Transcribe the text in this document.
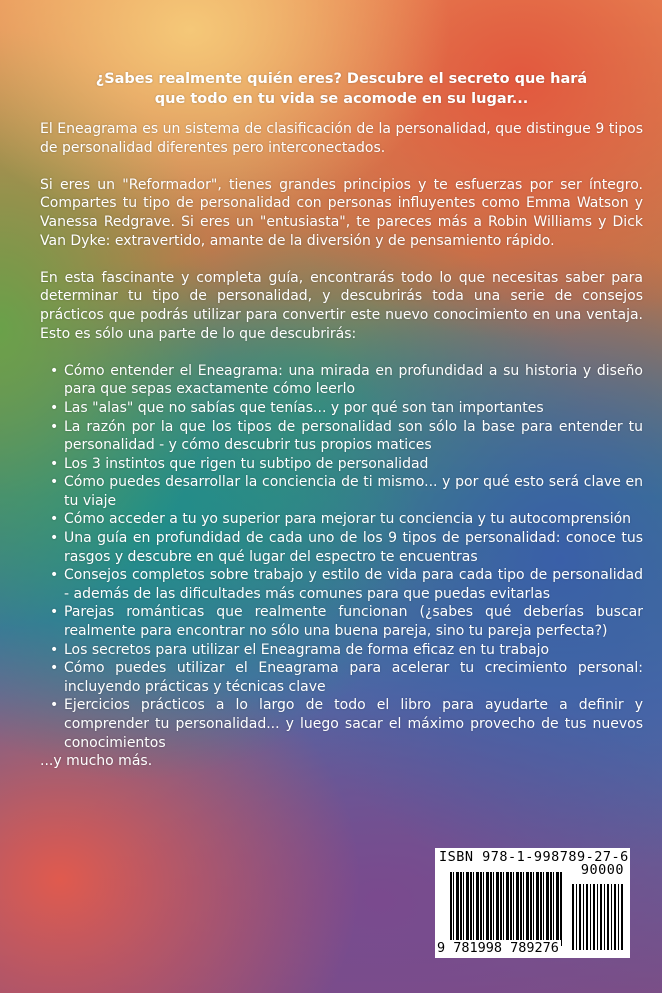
¿Sabes realmente quién eres? Descubre el secreto que hará
que todo en tu vida se acomode en su lugar...

El Eneagrama es un sistema de clasificación de la personalidad, que distingue 9 tipos de personalidad diferentes pero interconectados.

Si eres un "Reformador", tienes grandes principios y te esfuerzas por ser íntegro. Compartes tu tipo de personalidad con personas influyentes como Emma Watson y Vanessa Redgrave. Si eres un "entusiasta", te pareces más a Robin Williams y Dick Van Dyke: extravertido, amante de la diversión y de pensamiento rápido.

En esta fascinante y completa guía, encontrarás todo lo que necesitas saber para determinar tu tipo de personalidad, y descubrirás toda una serie de consejos prácticos que podrás utilizar para convertir este nuevo conocimiento en una ventaja. Esto es sólo una parte de lo que descubrirás:

• Cómo entender el Eneagrama: una mirada en profundidad a su historia y diseño para que sepas exactamente cómo leerlo
• Las "alas" que no sabías que tenías... y por qué son tan importantes
• La razón por la que los tipos de personalidad son sólo la base para entender tu personalidad - y cómo descubrir tus propios matices
• Los 3 instintos que rigen tu subtipo de personalidad
• Cómo puedes desarrollar la conciencia de ti mismo... y por qué esto será clave en tu viaje
• Cómo acceder a tu yo superior para mejorar tu conciencia y tu autocomprensión
• Una guía en profundidad de cada uno de los 9 tipos de personalidad: conoce tus rasgos y descubre en qué lugar del espectro te encuentras
• Consejos completos sobre trabajo y estilo de vida para cada tipo de personalidad - además de las dificultades más comunes para que puedas evitarlas
• Parejas románticas que realmente funcionan (¿sabes qué deberías buscar realmente para encontrar no sólo una buena pareja, sino tu pareja perfecta?)
• Los secretos para utilizar el Eneagrama de forma eficaz en tu trabajo
• Cómo puedes utilizar el Eneagrama para acelerar tu crecimiento personal: incluyendo prácticas y técnicas clave
• Ejercicios prácticos a lo largo de todo el libro para ayudarte a definir y comprender tu personalidad... y luego sacar el máximo provecho de tus nuevos conocimientos
...y mucho más.
ISBN 978-1-998789-27-6
90000
9 781998 789276
